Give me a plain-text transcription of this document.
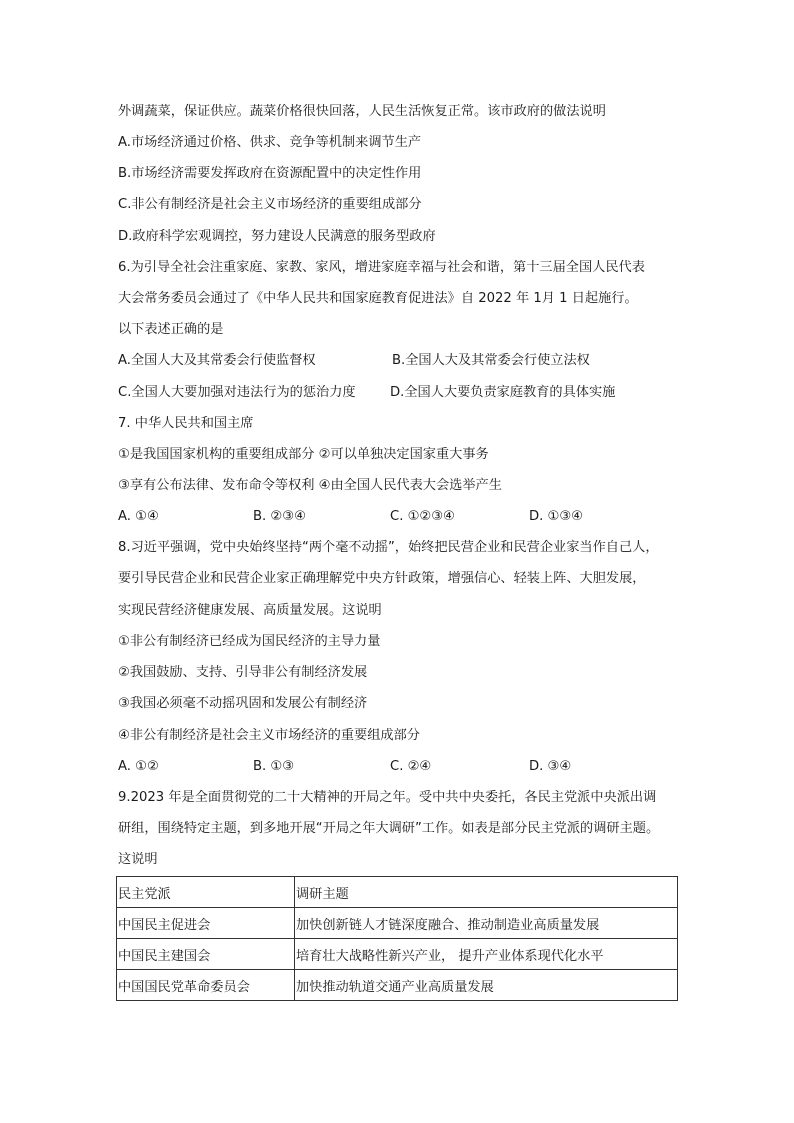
外调蔬菜，保证供应。蔬菜价格很快回落，人民生活恢复正常。该市政府的做法说明
A.市场经济通过价格、供求、竞争等机制来调节生产
B.市场经济需要发挥政府在资源配置中的决定性作用
C.非公有制经济是社会主义市场经济的重要组成部分
D.政府科学宏观调控，努力建设人民满意的服务型政府
6.为引导全社会注重家庭、家教、家风，增进家庭幸福与社会和谐，第十三届全国人民代表
大会常务委员会通过了《中华人民共和国家庭教育促进法》自 2022 年 1月 1 日起施行。
以下表述正确的是
A.全国人大及其常委会行使监督权	B.全国人大及其常委会行使立法权
C.全国人大要加强对违法行为的惩治力度	D.全国人大要负责家庭教育的具体实施
7. 中华人民共和国主席
①是我国国家机构的重要组成部分 ②可以单独决定国家重大事务
③享有公布法律、发布命令等权利 ④由全国人民代表大会选举产生
A. ①④	B. ②③④	C. ①②③④	D. ①③④
8.习近平强调，党中央始终坚持“两个毫不动摇”，始终把民营企业和民营企业家当作自己人，
要引导民营企业和民营企业家正确理解党中央方针政策，增强信心、轻装上阵、大胆发展，
实现民营经济健康发展、高质量发展。这说明
①非公有制经济已经成为国民经济的主导力量
②我国鼓励、支持、引导非公有制经济发展
③我国必须毫不动摇巩固和发展公有制经济
④非公有制经济是社会主义市场经济的重要组成部分
A. ①②	B. ①③	C. ②④	D. ③④
9.2023 年是全面贯彻党的二十大精神的开局之年。受中共中央委托，各民主党派中央派出调
研组，围绕特定主题，到多地开展“开局之年大调研”工作。如表是部分民主党派的调研主题。
这说明
民主党派	调研主题
中国民主促进会	加快创新链人才链深度融合、推动制造业高质量发展
中国民主建国会	培育壮大战略性新兴产业， 提升产业体系现代化水平
中国国民党革命委员会	加快推动轨道交通产业高质量发展
